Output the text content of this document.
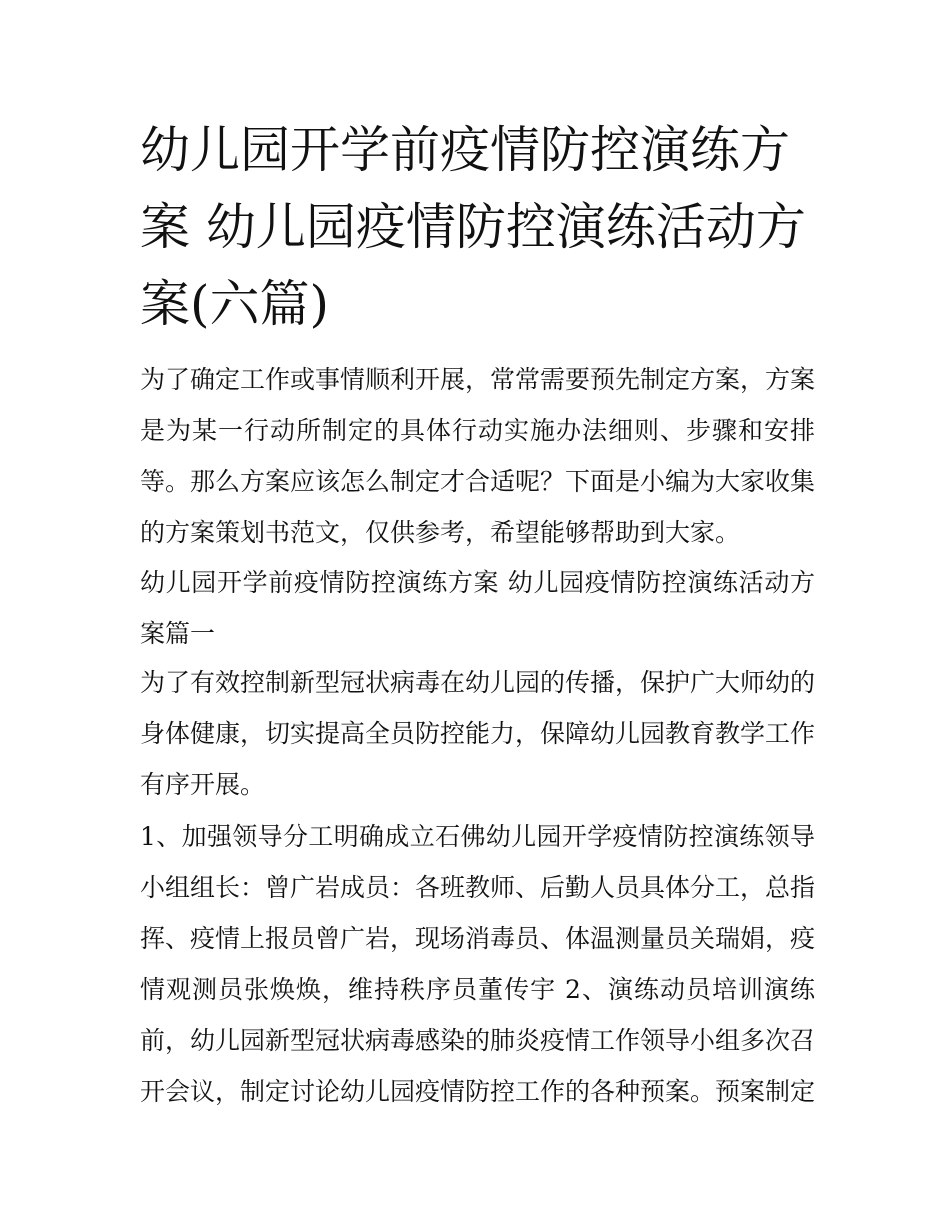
幼儿园开学前疫情防控演练方案 幼儿园疫情防控演练活动方案(六篇)

为了确定工作或事情顺利开展，常常需要预先制定方案，方案是为某一行动所制定的具体行动实施办法细则、步骤和安排等。那么方案应该怎么制定才合适呢？下面是小编为大家收集的方案策划书范文，仅供参考，希望能够帮助到大家。

幼儿园开学前疫情防控演练方案 幼儿园疫情防控演练活动方案篇一

为了有效控制新型冠状病毒在幼儿园的传播，保护广大师幼的身体健康，切实提高全员防控能力，保障幼儿园教育教学工作有序开展。

1、加强领导分工明确成立石佛幼儿园开学疫情防控演练领导小组组长：曾广岩成员：各班教师、后勤人员具体分工，总指挥、疫情上报员曾广岩，现场消毒员、体温测量员关瑞娟，疫情观测员张焕焕，维持秩序员董传宇 2、演练动员培训演练前，幼儿园新型冠状病毒感染的肺炎疫情工作领导小组多次召开会议，制定讨论幼儿园疫情防控工作的各种预案。预案制定
